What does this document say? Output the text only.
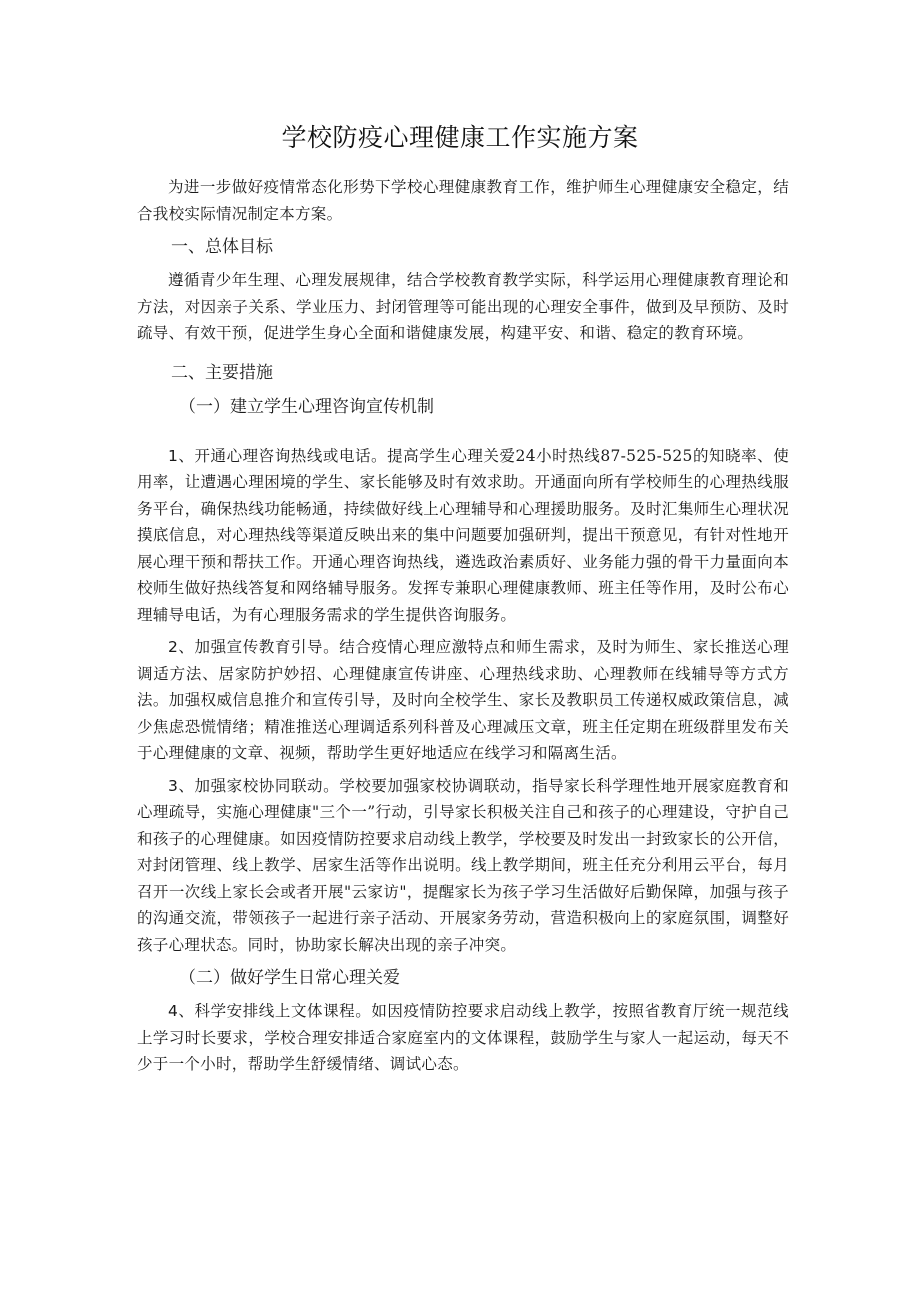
学校防疫心理健康工作实施方案

为进一步做好疫情常态化形势下学校心理健康教育工作，维护师生心理健康安全稳定，结合我校实际情况制定本方案。

一、总体目标

遵循青少年生理、心理发展规律，结合学校教育教学实际，科学运用心理健康教育理论和方法，对因亲子关系、学业压力、封闭管理等可能出现的心理安全事件，做到及早预防、及时疏导、有效干预，促进学生身心全面和谐健康发展，构建平安、和谐、稳定的教育环境。

二、主要措施

（一）建立学生心理咨询宣传机制

1、开通心理咨询热线或电话。提高学生心理关爱24小时热线87-525-525的知晓率、使用率，让遭遇心理困境的学生、家长能够及时有效求助。开通面向所有学校师生的心理热线服务平台，确保热线功能畅通，持续做好线上心理辅导和心理援助服务。及时汇集师生心理状况摸底信息，对心理热线等渠道反映出来的集中问题要加强研判，提出干预意见，有针对性地开展心理干预和帮扶工作。开通心理咨询热线，遴选政治素质好、业务能力强的骨干力量面向本校师生做好热线答复和网络辅导服务。发挥专兼职心理健康教师、班主任等作用，及时公布心理辅导电话，为有心理服务需求的学生提供咨询服务。

2、加强宣传教育引导。结合疫情心理应激特点和师生需求，及时为师生、家长推送心理调适方法、居家防护妙招、心理健康宣传讲座、心理热线求助、心理教师在线辅导等方式方法。加强权威信息推介和宣传引导，及时向全校学生、家长及教职员工传递权威政策信息，减少焦虑恐慌情绪；精准推送心理调适系列科普及心理减压文章，班主任定期在班级群里发布关于心理健康的文章、视频，帮助学生更好地适应在线学习和隔离生活。

3、加强家校协同联动。学校要加强家校协调联动，指导家长科学理性地开展家庭教育和心理疏导，实施心理健康"三个一”行动，引导家长积极关注自己和孩子的心理建设，守护自己和孩子的心理健康。如因疫情防控要求启动线上教学，学校要及时发出一封致家长的公开信，对封闭管理、线上教学、居家生活等作出说明。线上教学期间，班主任充分利用云平台，每月召开一次线上家长会或者开展"云家访"，提醒家长为孩子学习生活做好后勤保障，加强与孩子的沟通交流，带领孩子一起进行亲子活动、开展家务劳动，营造积极向上的家庭氛围，调整好孩子心理状态。同时，协助家长解决出现的亲子冲突。

（二）做好学生日常心理关爱

4、科学安排线上文体课程。如因疫情防控要求启动线上教学，按照省教育厅统一规范线上学习时长要求，学校合理安排适合家庭室内的文体课程，鼓励学生与家人一起运动，每天不少于一个小时，帮助学生舒缓情绪、调试心态。
